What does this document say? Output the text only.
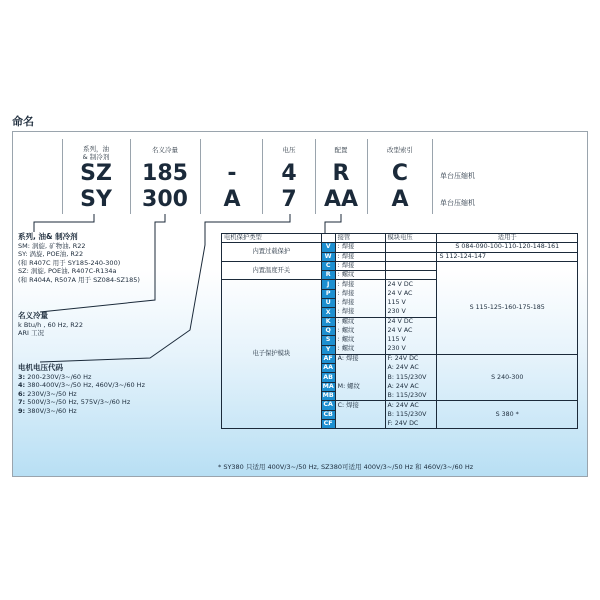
命名
系列，油
& 制冷剂
名义冷量	电压	配置	改型索引
SZ	185	-	4	R	C	单台压缩机
SY	300	A	7	AA	A	单台压缩机
系列, 油& 制冷剂
SM: 涡旋, 矿物油, R22
SY: 涡旋, POE油, R22
(和 R407C 用于 SY185-240-300)
SZ: 涡旋, POE油, R407C-R134a
(和 R404A, R507A 用于 SZ084-SZ185)
名义冷量
k Btu/h , 60 Hz, R22
ARI 工况
电机电压代码
3: 200-230V/3~/60 Hz
4: 380-400V/3~/50 Hz, 460V/3~/60 Hz
6: 230V/3~/50 Hz
7: 500V/3~/50 Hz, 575V/3~/60 Hz
9: 380V/3~/60 Hz
电机保护类型		接管	模块电压	适用于
内置过载保护	V	: 焊接		S 084-090-100-110-120-148-161
	W	: 焊接		S 112-124-147
内置温度开关	C	: 焊接		S 115-125-160-175-185
	R	: 螺纹		
电子保护模块	J	: 焊接	24 V DC	
	P	: 焊接	24 V AC	
	U	: 焊接	115 V	
	X	: 焊接	230 V	
	K	: 螺纹	24 V DC	
	Q	: 螺纹	24 V AC	
	S	: 螺纹	115 V	
	Y	: 螺纹	230 V	
	AF	A: 焊接	F: 24V DC	S 240-300
	AA		A: 24V AC	
	AB		B: 115/230V	
	MA	M: 螺纹	A: 24V AC	
	MB		B: 115/230V	
	CA	C: 焊接	A: 24V AC	S 380 *
	CB		B: 115/230V	
	CF		F: 24V DC	
* SY380 只适用 400V/3~/50 Hz, SZ380可适用 400V/3~/50 Hz 和 460V/3~/60 Hz
